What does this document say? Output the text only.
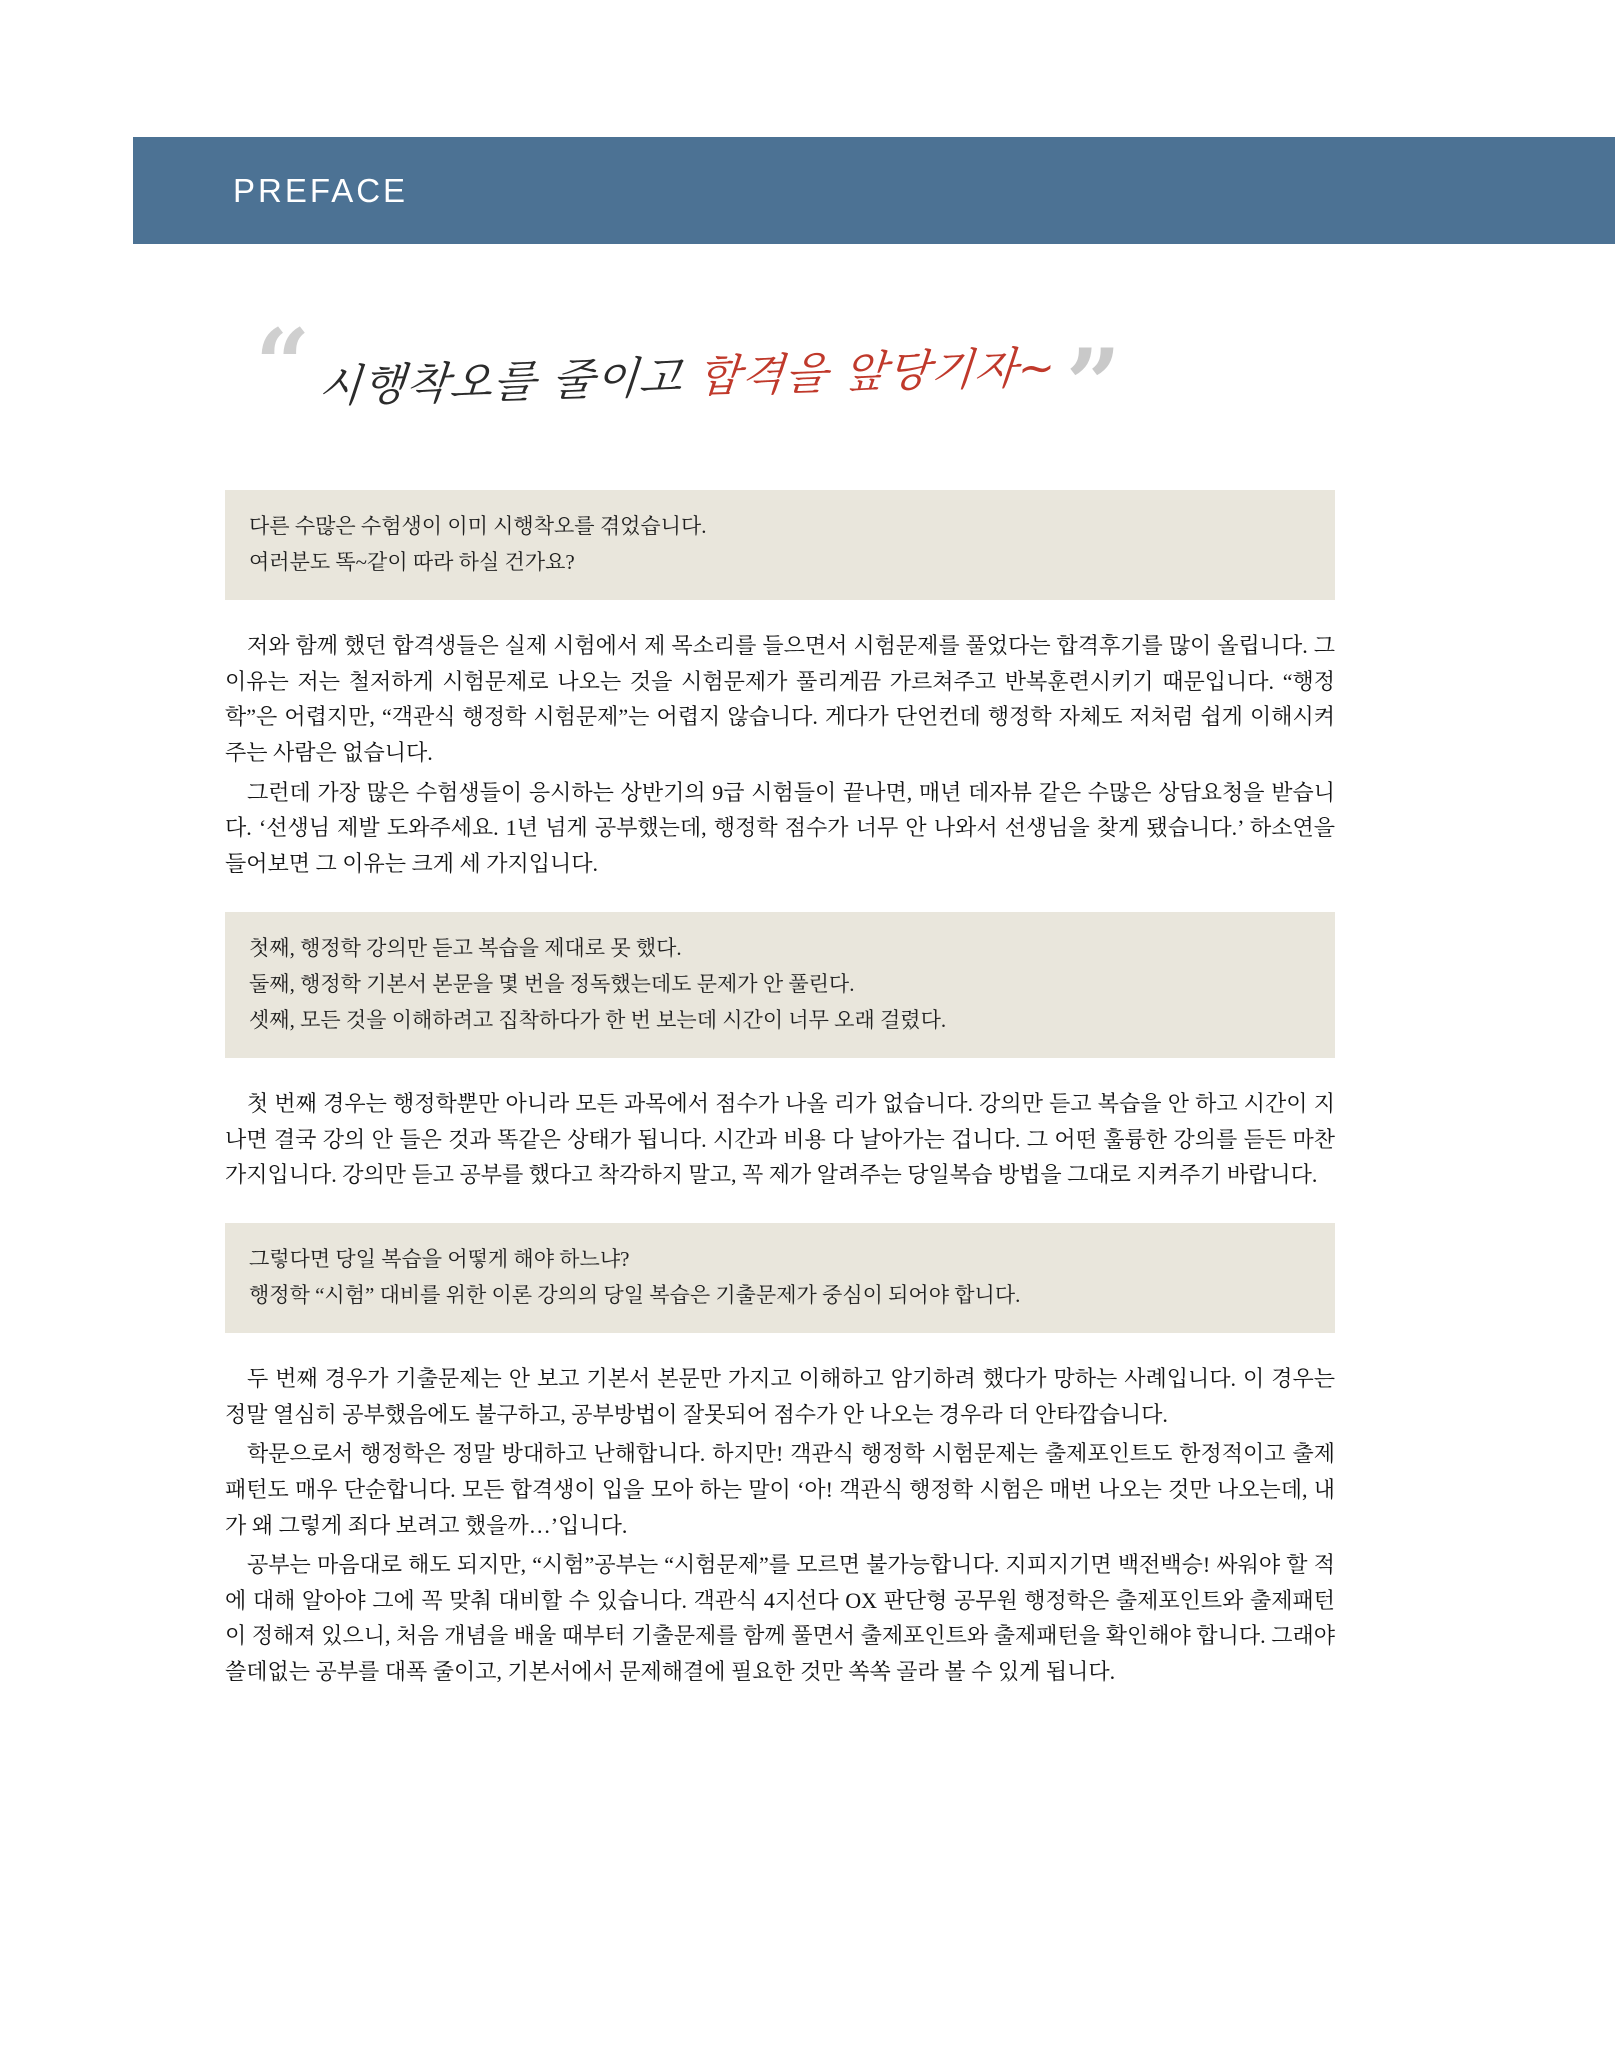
PREFACE
“ 시행착오를 줄이고 합격을 앞당기자~ ”
다른 수많은 수험생이 이미 시행착오를 겪었습니다.
여러분도 똑~같이 따라 하실 건가요?

저와 함께 했던 합격생들은 실제 시험에서 제 목소리를 들으면서 시험문제를 풀었다는 합격후기를 많이 올립니다. 그 이유는 저는 철저하게 시험문제로 나오는 것을 시험문제가 풀리게끔 가르쳐주고 반복훈련시키기 때문입니다. “행정학”은 어렵지만, “객관식 행정학 시험문제”는 어렵지 않습니다. 게다가 단언컨데 행정학 자체도 저처럼 쉽게 이해시켜주는 사람은 없습니다.

그런데 가장 많은 수험생들이 응시하는 상반기의 9급 시험들이 끝나면, 매년 데자뷰 같은 수많은 상담요청을 받습니다. ‘선생님 제발 도와주세요. 1년 넘게 공부했는데, 행정학 점수가 너무 안 나와서 선생님을 찾게 됐습니다.’ 하소연을 들어보면 그 이유는 크게 세 가지입니다.

첫째, 행정학 강의만 듣고 복습을 제대로 못 했다.
둘째, 행정학 기본서 본문을 몇 번을 정독했는데도 문제가 안 풀린다.
셋째, 모든 것을 이해하려고 집착하다가 한 번 보는데 시간이 너무 오래 걸렸다.

첫 번째 경우는 행정학뿐만 아니라 모든 과목에서 점수가 나올 리가 없습니다. 강의만 듣고 복습을 안 하고 시간이 지나면 결국 강의 안 들은 것과 똑같은 상태가 됩니다. 시간과 비용 다 날아가는 겁니다. 그 어떤 훌륭한 강의를 듣든 마찬가지입니다. 강의만 듣고 공부를 했다고 착각하지 말고, 꼭 제가 알려주는 당일복습 방법을 그대로 지켜주기 바랍니다.

그렇다면 당일 복습을 어떻게 해야 하느냐?
행정학 “시험” 대비를 위한 이론 강의의 당일 복습은 기출문제가 중심이 되어야 합니다.

두 번째 경우가 기출문제는 안 보고 기본서 본문만 가지고 이해하고 암기하려 했다가 망하는 사례입니다. 이 경우는 정말 열심히 공부했음에도 불구하고, 공부방법이 잘못되어 점수가 안 나오는 경우라 더 안타깝습니다.

학문으로서 행정학은 정말 방대하고 난해합니다. 하지만! 객관식 행정학 시험문제는 출제포인트도 한정적이고 출제패턴도 매우 단순합니다. 모든 합격생이 입을 모아 하는 말이 ‘아! 객관식 행정학 시험은 매번 나오는 것만 나오는데, 내가 왜 그렇게 죄다 보려고 했을까…’입니다.

공부는 마음대로 해도 되지만, “시험”공부는 “시험문제”를 모르면 불가능합니다. 지피지기면 백전백승! 싸워야 할 적에 대해 알아야 그에 꼭 맞춰 대비할 수 있습니다. 객관식 4지선다 OX 판단형 공무원 행정학은 출제포인트와 출제패턴이 정해져 있으니, 처음 개념을 배울 때부터 기출문제를 함께 풀면서 출제포인트와 출제패턴을 확인해야 합니다. 그래야 쓸데없는 공부를 대폭 줄이고, 기본서에서 문제해결에 필요한 것만 쏙쏙 골라 볼 수 있게 됩니다.
